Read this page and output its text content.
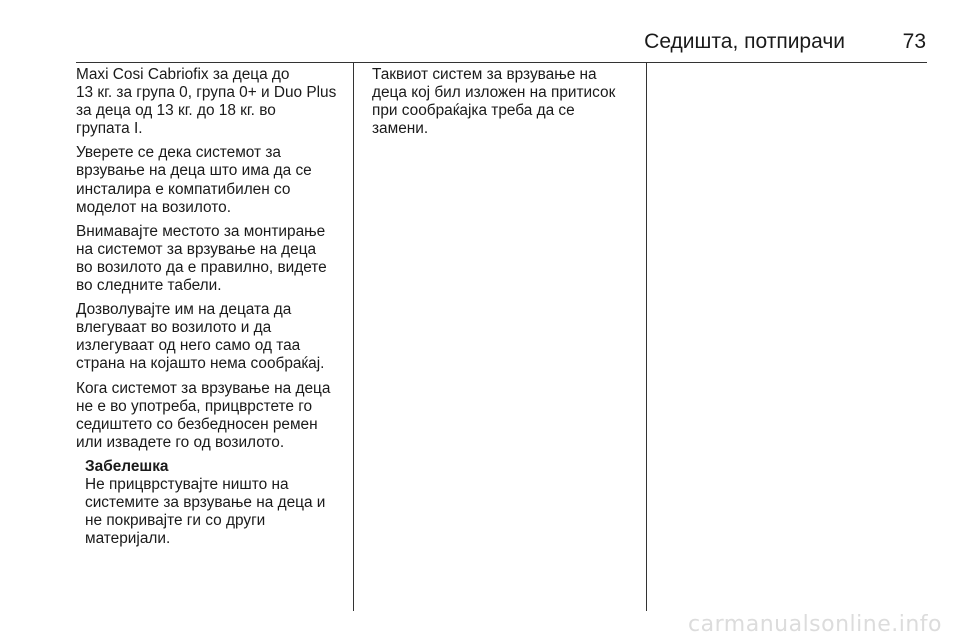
Седишта, потпирачи	73

Maxi Cosi Cabriofix за деца до
13 кг. за група 0, група 0+ и Duo Plus
за деца од 13 кг. до 18 кг. во
групата I.

Уверете се дека системот за
врзување на деца што има да се
инсталира е компатибилен со
моделот на возилото.

Внимавајте местото за монтирање
на системот за врзување на деца
во возилото да е правилно, видете
во следните табели.

Дозволувајте им на децата да
влегуваат во возилото и да
излегуваат од него само од таа
страна на којашто нема сообраќај.

Кога системот за врзување на деца
не е во употреба, прицврстете го
седиштето со безбедносен ремен
или извадете го од возилото.

Забелешка
Не прицврстувајте ништо на
системите за врзување на деца и
не покривајте ги со други
материјали.

Таквиот систем за врзување на
деца кој бил изложен на притисок
при сообраќајка треба да се
замени.

carmanualsonline.info
